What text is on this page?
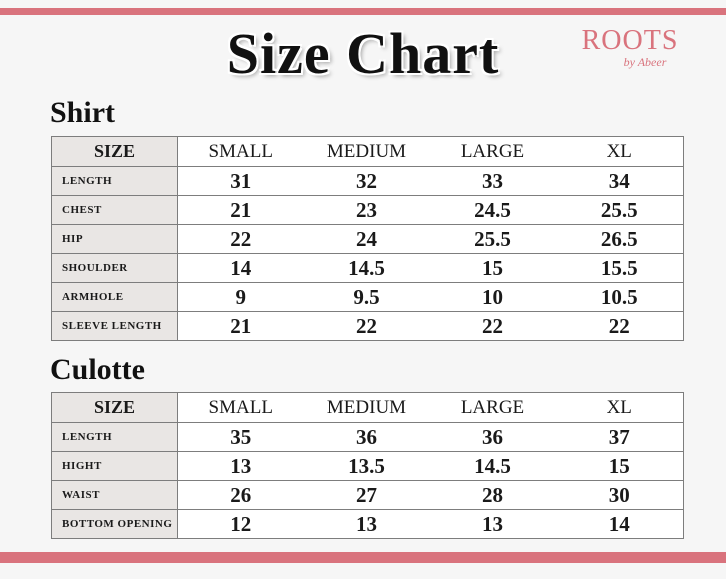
Size Chart	ROOTS
by Abeer
Shirt
SIZE	SMALL	MEDIUM	LARGE	XL
LENGTH	31	32	33	34
CHEST	21	23	24.5	25.5
HIP	22	24	25.5	26.5
SHOULDER	14	14.5	15	15.5
ARMHOLE	9	9.5	10	10.5
SLEEVE LENGTH	21	22	22	22
Culotte
SIZE	SMALL	MEDIUM	LARGE	XL
LENGTH	35	36	36	37
HIGHT	13	13.5	14.5	15
WAIST	26	27	28	30
BOTTOM OPENING	12	13	13	14
